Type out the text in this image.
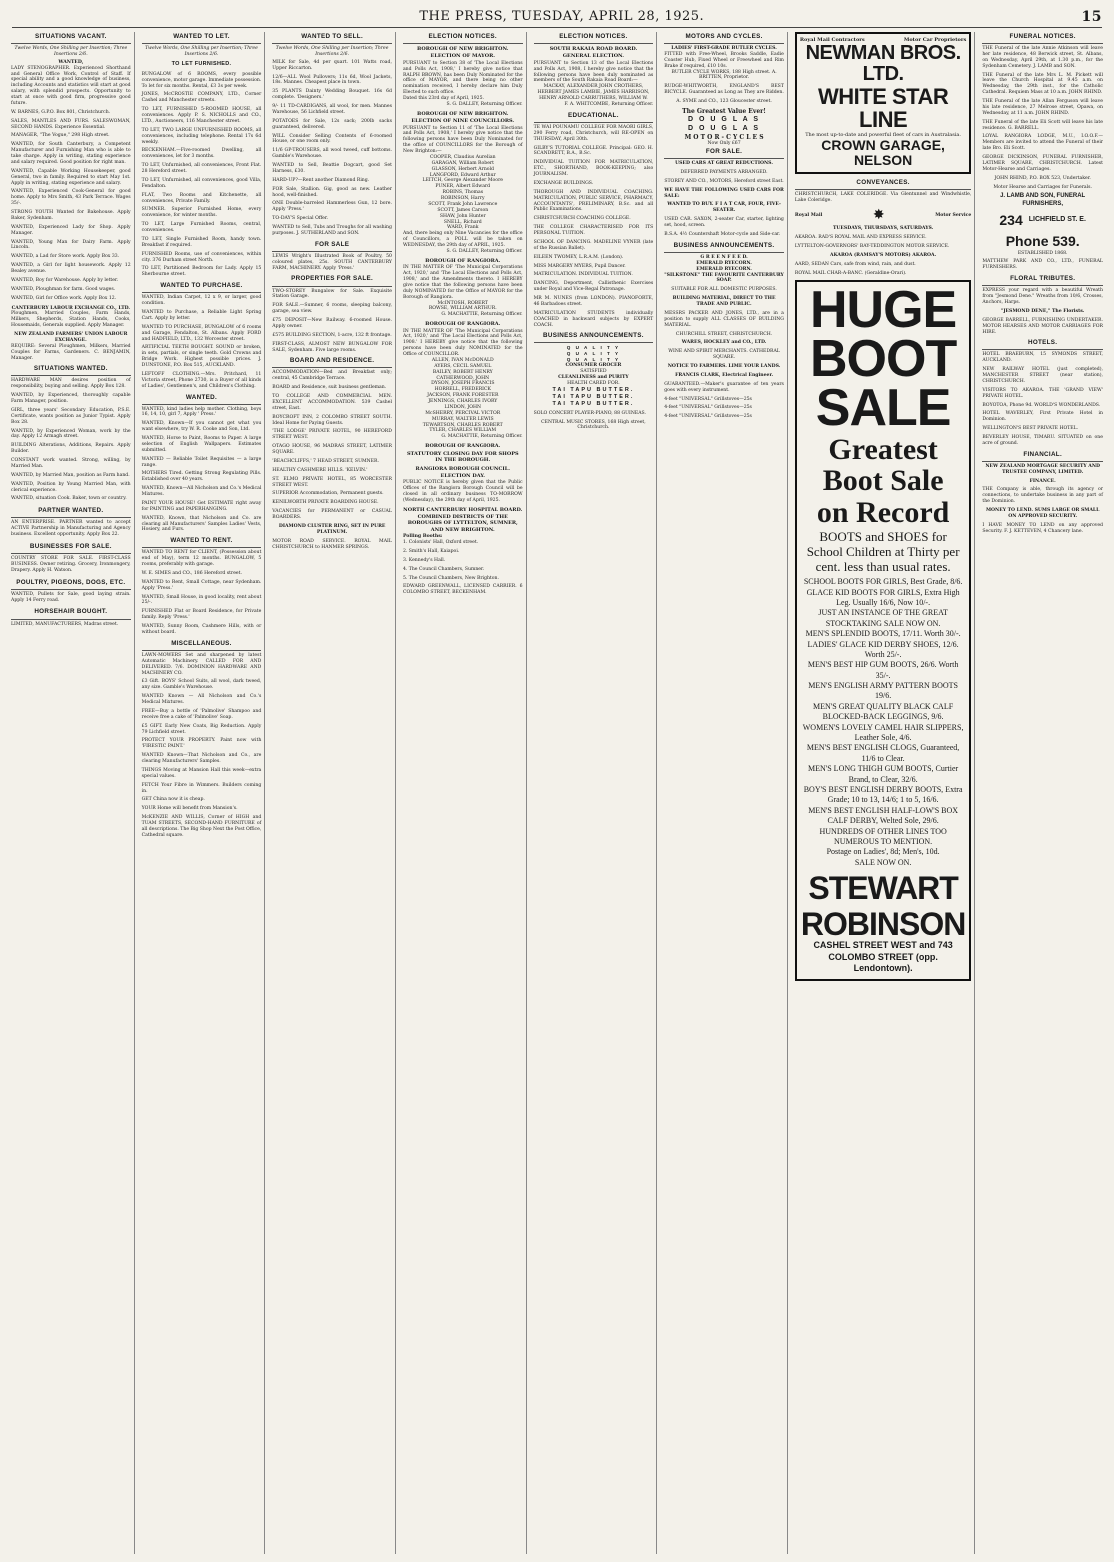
THE PRESS, TUESDAY, APRIL 28, 1925.	15
SITUATIONS VACANT.
Twelve Words, One Shilling per Insertion; Three Insertions 2/6.
WANTED,
LADY STENOGRAPHER. Experienced Shorthand and General Office Work, Control of Staff. If special ability and a good knowledge of business, including Accounts and statistics will start at good salary, with splendid prospects. Opportunity to start at once with good firm, progressive good future.
W. BARNES, G.P.O. Box 801, Christchurch.
SALES, MANTLES AND FURS. SALESWOMAN, SECOND HANDS. Experience Essential.
MANAGER, "The Vogue," 298 High street.
WANTED, for South Canterbury, a Competent Manufacturer and Furnishing Man who is able to take charge. Apply in writing, stating experience and salary required. Good position for right man.
WANTED, Capable Working Housekeeper, good General, two in family. Required to start May 1st. Apply in writing, stating experience and salary.
WANTED, Experienced Cook-General for good home. Apply to Mrs Smith, 43 Park Terrace. Wages 35/-.
STRONG YOUTH Wanted for Bakehouse. Apply Baker, Sydenham.
WANTED, Experienced Lady for Shop. Apply Manager.
WANTED, Young Man for Dairy Farm. Apply Lincoln.
WANTED, a Lad for Store work. Apply Box 33.
WANTED, a Girl for light housework. Apply 12 Bealey avenue.
WANTED, Boy for Warehouse. Apply by letter.
WANTED, Ploughman for farm. Good wages.
WANTED, Girl for Office work. Apply Box 12.
CANTERBURY LABOUR EXCHANGE CO., LTD.
Ploughmen, Married Couples, Farm Hands, Milkers, Shepherds, Station Hands, Cooks, Housemaids, Generals supplied. Apply Manager.
NEW ZEALAND FARMERS' UNION LABOUR EXCHANGE.
REQUIRE: Several Ploughmen, Milkers, Married Couples for Farms, Gardeners. C. BENJAMIN, Manager.
SITUATIONS WANTED.
HARDWARE MAN desires position of responsibility, buying and selling. Apply Box 128.
WANTED, by Experienced, thoroughly capable Farm Manager, position.
GIRL, three years' Secondary Education, P.S.E. Certificate, wants position as Junior Typist. Apply Box 28.
WANTED, by Experienced Woman, work by the day. Apply 12 Armagh street.
BUILDING Alterations, Additions, Repairs. Apply Builder.
CONSTANT work wanted. Strong, willing, by Married Man.
WANTED, by Married Man, position as Farm hand.
WANTED, Position by Young Married Man, with clerical experience.
WANTED, situation Cook. Baker, town or country.
PARTNER WANTED.
AN ENTERPRISE. PARTNER wanted to accept ACTIVE Partnership in Manufacturing and Agency business. Excellent opportunity. Apply Box 22.
BUSINESSES FOR SALE.
COUNTRY STORE FOR SALE. FIRST-CLASS BUSINESS. Owner retiring. Grocery, Ironmongery, Drapery. Apply H. Watson.
POULTRY, PIGEONS, DOGS, ETC.
WANTED, Pullets for Sale, good laying strain. Apply 14 Ferry road.
HORSEHAIR BOUGHT.
LIMITED, MANUFACTURERS, Madras street.
WANTED TO LET.
Twelve Words, One Shilling per Insertion; Three Insertions 2/6.
TO LET FURNISHED.
BUNGALOW of 6 ROOMS, every possible convenience, motor garage. Immediate possession. To let for six months. Rental, £3 3s per week.
JONES, McCROSTIE COMPANY, LTD., Corner Cashel and Manchester streets.
TO LET, FURNISHED 5-ROOMED HOUSE, all conveniences. Apply P. S. NICHOLLS and CO., LTD., Auctioneers, 116 Manchester street.
TO LET, TWO LARGE UNFURNISHED ROOMS, all conveniences, including telephone. Rental 17s 6d weekly.
BECKENHAM.—Five-roomed Dwelling, all conveniences, let for 3 months.
TO LET, Unfurnished, all conveniences, Front Flat. 28 Hereford street.
TO LET, Unfurnished, all conveniences, good Villa, Fendalton.
FLAT, Two Rooms and Kitchenette, all conveniences, Private Family.
SUMNER. Superior Furnished Home, every convenience, for winter months.
TO LET, Large Furnished Rooms, central, conveniences.
TO LET, Single Furnished Room, handy town. Breakfast if required.
FURNISHED Rooms, use of conveniences, within city. 376 Durham street North.
TO LET, Partitioned Bedroom for Lady. Apply 15 Sherbourne street.
WANTED TO PURCHASE.
WANTED, Indian Carpet, 12 x 9, or larger, good condition.
WANTED to Purchase, a Reliable Light Spring Cart. Apply by letter.
WANTED TO PURCHASE, BUNGALOW of 6 rooms and Garage, Fendalton, St. Albans. Apply FORD and HADFIELD, LTD., 132 Worcester street.
ARTIFICIAL TEETH BOUGHT. SOUND or broken, in sets, partials, or single teeth. Gold Crowns and Bridge Work. Highest possible prices. J. DUNSTONE, P.O. Box 515, AUCKLAND.
LEFTOFF CLOTHING.—Mrs. Pritchard, 11 Victoria street, Phone 2730, is a Buyer of all kinds of Ladies', Gentlemen's, and Children's Clothing.
WANTED.
WANTED, kind ladies help mother. Clothing, boys 16, 14, 10, girl 7, Apply ' Press.'
WANTED, Known—If you cannot get what you want elsewhere, try W. R. Cooke and Son, Ltd.
WANTED, Horse to Paint, Rooms to Paper. A large selection of English Wallpapers. Estimates submitted.
WANTED — Reliable Toilet Requisites — a large range.
MOTHERS Tired. Getting Strong Regulating Pills. Established over 40 years.
WANTED, Known—All Nicholson and Co.'s Medical Mixtures.
PAINT YOUR HOUSE! Get ESTIMATE right away for PAINTING and PAPERHANGING.
WANTED, Known, that Nicholson and Co. are clearing all Manufacturers' Samples Ladies' Vests, Hosiery, and Furs.
WANTED TO RENT.
WANTED TO RENT for CLIENT, (Possession about end of May), term 12 months. BUNGALOW, 5 rooms, preferably with garage.
W. E. SIMES and CO., 186 Hereford street.
WANTED to Rent, Small Cottage, near Sydenham. Apply 'Press.'
WANTED, Small House, in good locality, rent about 25/-.
FURNISHED Flat or Board Residence, for Private family. Reply 'Press.'
WANTED, Sunny Room, Cashmere Hills, with or without board.
MISCELLANEOUS.
LAWN-MOWERS Set and sharpened by latest Automatic Machinery. CALLED FOR AND DELIVERED. 7/6. DOMINION HARDWARE AND MACHINERY CO.
£3 Gift. BOYS' School Suits, all wool, dark tweed, any size. Gamble's Warehouse.
WANTED Known — All Nicholson and Co.'s Medical Mixtures.
FREE—Buy a bottle of 'Palmolive' Shampoo and receive free a cake of 'Palmolive' Soap.
£5 GIFT. Early New Coats, Big Reduction. Apply 79 Lichfield street.
PROTECT YOUR PROPERTY. Paint now with 'FIRESTIC PAINT.'
WANTED Known—That Nicholson and Co., are clearing Manufacturers' Samples.
THINGS Moving at Mansion Hall this week—extra special values.
FETCH Your Fibre in Wimmers. Builders coming in.
GET China now it is cheap.
YOUR Home will benefit from Mansion's.
McKENZIE AND WILLIS, Corner of HIGH and TUAM STREETS, SECOND-HAND FURNITURE of all descriptions. The Big Shop Next the Post Office, Cathedral square.
WANTED TO SELL.
Twelve Words, One Shilling per Insertion; Three Insertions 2/6.
MILK for Sale, 4d per quart. 101 Watts road, Upper Riccarton.
12/6—ALL Wool Pullovers; 11s 6d, Wool Jackets, 18s. Mannes. Cheapest place in town.
35 PLANTS Dainty Wedding Bouquet. 16s 6d complete. 'Designers.'
9/- 11 TD-CARDIGANS, all wool, for men. Mannes Warehouse, 56 Lichfield street.
POTATOES for Sale, 12s sack; 200lb sacks guaranteed, delivered.
WILL Consider Selling Contents of 6-roomed House, or one room only.
11/6 GP-TROUSERS, all wool tweed, cuff bottoms. Gamble's Warehouse.
WANTED to Sell, Beattie Dogcart, good Set Harness, £30.
HARD-UP?—Rent another Diamond Ring.
FOR Sale, Stallion. Gig, good as new. Leather hood, well-finished.
ONE Double-barreled Hammerless Gun, 12 bore. Apply 'Press.'
TO-DAY'S Special Offer.
WANTED to Sell, Tubs and Troughs for all washing purposes. J. SUTHERLAND and SON.
FOR SALE
LEWIS Wright's Illustrated Book of Poultry, 50 coloured plates, 25s. SOUTH CANTERBURY FARM, MACHINERY. Apply 'Press.'
PROPERTIES FOR SALE.
TWO-STOREY Bungalow for Sale. Exquisite Station Garage.
FOR SALE.—Sumner, 6 rooms, sleeping balcony, garage, sea view.
£75 DEPOSIT—New Railway. 6-roomed House. Apply owner.
£575 BUILDING SECTION, 1-acre, 132 ft frontage.
FIRST-CLASS, ALMOST NEW BUNGALOW FOR SALE, Sydenham. Five large rooms.
BOARD AND RESIDENCE.
ACCOMMODATION—Bed and Breakfast only; central, 45 Cambridge Terrace.
BOARD and Residence, suit business gentleman.
TO COLLEGE AND COMMERCIAL MEN. EXCELLENT ACCOMMODATION. 539 Cashel street, East.
BOYCROFT INN, 2 COLOMBO STREET SOUTH. Ideal Home for Paying Guests.
'THE LODGE' PRIVATE HOTEL, 90 HEREFORD STREET WEST.
OTAGO HOUSE, 96 MADRAS STREET, LATIMER SQUARE.
'BEACHCLIFFS,' 7 HEAD STREET, SUMNER.
HEALTHY CASHMERE HILLS. 'KELVIN.'
ST. ELMO PRIVATE HOTEL, 85 WORCESTER STREET WEST.
SUPERIOR Accommodation, Permanent guests.
KENILWORTH PRIVATE BOARDING HOUSE.
VACANCIES for PERMANENT or CASUAL BOARDERS.
DIAMOND CLUSTER RING, SET IN PURE PLATINUM.
MOTOR ROAD SERVICE. ROYAL MAIL CHRISTCHURCH to HANMER SPRINGS.
ELECTION NOTICES.
BOROUGH OF NEW BRIGHTON.
ELECTION OF MAYOR.
PURSUANT to Section 38 of 'The Local Elections and Polls Act, 1908,' I hereby give notice that RALPH BROWN, has been Duly Nominated for the office of MAYOR, and there being no other nomination received, I hereby declare him Duly Elected to such office.
Dated this 23rd day of April, 1925.
S. G. DALLEY, Returning Officer.
BOROUGH OF NEW BRIGHTON.
ELECTION OF NINE COUNCILLORS.
PURSUANT to Section 11 of 'The Local Elections and Polls Act, 1908,' I hereby give notice that the following persons have been Duly Nominated for the office of COUNCILLORS for the Borough of New Brighton:—
COOPER, Claudius Aurelian
GARAGAN, William Robert
GLASSON, Herbert Arnold
LANGFORD, Edward Arthur
LEITCH, George Alexander Moore
PUNER, Albert Edward
ROBINS, Thomas
ROBINSON, Harry
SCOTT, Frank John Lawrence
SCOTT, James Carson
SHAW, John Hunter
SNELL, Richard
WARD, Frank
And, there being only Nine Vacancies for the office of Councillors, a POLL will be taken on WEDNESDAY, the 29th day of APRIL, 1925.
S. G. DALLEY, Returning Officer.
BOROUGH OF RANGIORA.
IN THE MATTER OF 'The Municipal Corporations Act, 1920,' and 'The Local Elections and Polls Act, 1908,' and the Amendments thereto. I HEREBY give notice that the following persons have been duly NOMINATED for the Office of MAYOR for the Borough of Rangiora.
McINTOSH, ROBERT
ROWSE, WILLIAM ARTHUR.
G. MACHATTIE, Returning Officer.
BOROUGH OF RANGIORA.
IN THE MATTER OF 'The Municipal Corporations Act, 1920,' and 'The Local Elections and Polls Act, 1908.' I HEREBY give notice that the following persons have been duly NOMINATED for the Office of COUNCILLOR.
ALLEN, IVAN McDONALD
AYERS, CECIL SAMUEL
BAILEY, ROBERT HENRY
CATHERWOOD, JOHN
DYSON, JOSEPH FRANCIS
HORRELL, FREDERICK
JACKSON, FRANK FORESTER
JENNINGS, CHARLES IVORY
LINDON, JOHN
McSHERRY, PERCIVAL VICTOR
MURRAY, WALTER LEWIS
TEWARTSON, CHARLES ROBERT
TYLER, CHARLES WILLIAM
G. MACHATTIE, Returning Officer.
BOROUGH OF RANGIORA.
STATUTORY CLOSING DAY FOR SHOPS IN THE BOROUGH.
RANGIORA BOROUGH COUNCIL. ELECTION DAY.
PUBLIC NOTICE is hereby given that the Public Offices of the Rangiora Borough Council will be closed in all ordinary business TO-MORROW (Wednesday), the 29th day of April, 1925.
NORTH CANTERBURY HOSPITAL BOARD.
COMBINED DISTRICTS OF THE BOROUGHS OF LYTTELTON, SUMNER, AND NEW BRIGHTON.
Polling Booths:
1. Colonists' Hall, Oxford street.
2. Smith's Hall, Kaiapoi.
3. Kennedy's Hall.
4. The Council Chambers, Sumner.
5. The Council Chambers, New Brighton.
EDWARD GREENWALL, LICENSED CARRIER. 6 COLOMBO STREET, BECKENHAM.
ELECTION NOTICES.
SOUTH RAKAIA ROAD BOARD.
GENERAL ELECTION.
PURSUANT to Section 13 of the Local Elections and Polls Act, 1908, I hereby give notice that the following persons have been duly nominated as members of the South Rakaia Road Board:—
MACKAY, ALEXANDER JOHN CROTHERS, HERBERT JAMES LAMBIE, JAMES HARRISON, HENRY ARNOLD CARRUTHERS, WILLIAM W.
F. A. WHITCOMBE, Returning Officer.
EDUCATIONAL.
TE WAI POUNAMU COLLEGE FOR MAORI GIRLS, 290 Ferry road, Christchurch, will RE-OPEN on THURSDAY, April 30th.
GILBY'S TUTORIAL COLLEGE. Principal: GEO. H. SCANDRETT, B.A., B.Sc.
INDIVIDUAL TUITION FOR MATRICULATION, ETC., SHORTHAND, BOOK-KEEPING; also JOURNALISM.
EXCHANGE BUILDINGS.
THOROUGH AND INDIVIDUAL COACHING. MATRICULATION, PUBLIC SERVICE, PHARMACY, ACCOUNTANTS', PRELIMINARY, B.Sc. and all Public Examinations.
CHRISTCHURCH COACHING COLLEGE.
THE COLLEGE CHARACTERISED FOR ITS PERSONAL TUITION.
SCHOOL OF DANCING. MADELINE VYNER (late of the Russian Ballet).
EILEEN TWOMEY, L.R.A.M. (London).
MISS MARGERY MYERS, Pupil Dancer.
MATRICULATION. INDIVIDUAL TUITION.
DANCING, Deportment, Callisthenic Exercises under Royal and Vice-Regal Patronage.
MR M. NUNES (from LONDON). PIANOFORTE, 46 Barbadoes street.
MATRICULATION STUDENTS individually COACHED in backward subjects by EXPERT COACH.
BUSINESS ANNOUNCEMENTS.
Q U A L I T Y
Q U A L I T Y
Q U A L I T Y
CONSUMER GROCER
SATISFIED
CLEANLINESS and PURITY
HEALTH CARED FOR.
TAI TAPU BUTTER.
TAI TAPU BUTTER.
TAI TAPU BUTTER.
SOLO CONCERT PLAYER-PIANO, 88 GUINEAS.
CENTRAL MUSIC STORES, 168 High street, Christchurch.
MOTORS AND CYCLES.
LADIES' FIRST-GRADE BUTLER CYCLES.
FITTED with Free-Wheel, Brooks Saddle, Eadie Coaster Hub, Fixed Wheel or Freewheel and Rim Brake if required, £10 10s.
BUTLER CYCLE WORKS, 188 High street. A. BRITTEN, Proprietor.
RUDGE-WHITWORTH, ENGLAND'S BEST BICYCLE. Guaranteed as Long as They are Ridden.
A. SYME and CO., 123 Gloucester street.
The Greatest Value Ever!
D O U G L A S
D O U G L A S
M O T O R - C Y C L E S
Now Only £67
FOR SALE.
USED CARS AT GREAT REDUCTIONS.
DEFERRED PAYMENTS ARRANGED.
STOREY AND CO., MOTORS, Hereford street East.
WE HAVE THE FOLLOWING USED CARS FOR SALE:
WANTED TO BUY. F I A T CAR, FOUR, FIVE-SEATER.
USED CAR. SAXON, 2-seater Car, starter, lighting set, hood, screen.
B.S.A. 4½ Countershaft Motor-cycle and Side-car.
BUSINESS ANNOUNCEMENTS.
G R E E N F E E D.
EMERALD RYECORN.
EMERALD RYECORN.
"SILKSTONE" THE FAVOURITE CANTERBURY SOAP.
SUITABLE FOR ALL DOMESTIC PURPOSES.
BUILDING MATERIAL, DIRECT TO THE TRADE AND PUBLIC.
MESSRS PACKER AND JONES, LTD., are in a position to supply ALL CLASSES OF BUILDING MATERIAL.
CHURCHILL STREET, CHRISTCHURCH.
WARES, HOCKLEY and CO., LTD.
WINE AND SPIRIT MERCHANTS. CATHEDRAL SQUARE.
NOTICE TO FARMERS. LIME YOUR LANDS.
FRANCIS CLARK, Electrical Engineer.
GUARANTEED.—Maker's guarantee of ten years goes with every instrument.
4-feet "UNIVERSAL" Grillstoves—25s
4-feet "UNIVERSAL" Grillstoves—25s
4-feet "UNIVERSAL" Grillstoves—25s
Royal Mail Contractors	Motor Car Proprietors
NEWMAN BROS. LTD.
WHITE STAR LINE
The most up-to-date and powerful fleet of cars in Australasia.
CROWN GARAGE, NELSON
CONVEYANCES.
CHRISTCHURCH, LAKE COLERIDGE. Via Glentunnel and Windwhistle, Lake Coleridge.
Royal Mail	✸	Motor Service
TUESDAYS, THURSDAYS, SATURDAYS.
AKAROA. RAD'S ROYAL MAIL AND EXPRESS SERVICE.
LYTTELTON-GOVERNORS' BAY-TEDDINGTON MOTOR SERVICE.
AKAROA (RAMSAY'S MOTORS) AKAROA.
AARD, SEDAN Cars, safe from wind, rain, and dust.
ROYAL MAIL CHAR-A-BANC. (Geraldine-Orari).
HUGE
BOOT
SALE
Greatest
Boot Sale
on Record
BOOTS and SHOES for School Children at Thirty per cent. less than usual rates.
SCHOOL BOOTS FOR GIRLS, Best Grade, 8/6.
GLACE KID BOOTS FOR GIRLS, Extra High Leg. Usually 16/6, Now 10/-.
JUST AN INSTANCE OF THE GREAT STOCKTAKING SALE NOW ON.
MEN'S SPLENDID BOOTS, 17/11. Worth 30/-.
LADIES' GLACE KID DERBY SHOES, 12/6. Worth 25/-.
MEN'S BEST HIP GUM BOOTS, 26/6. Worth 35/-.
MEN'S ENGLISH ARMY PATTERN BOOTS 19/6.
MEN'S GREAT QUALITY BLACK CALF BLOCKED-BACK LEGGINGS, 9/6.
WOMEN'S LOVELY CAMEL HAIR SLIPPERS, Leather Sole, 4/6.
MEN'S BEST ENGLISH CLOGS, Guaranteed, 11/6 to Clear.
MEN'S LONG THIGH GUM BOOTS, Curtier Brand, to Clear, 32/6.
BOY'S BEST ENGLISH DERBY BOOTS, Extra Grade; 10 to 13, 14/6; 1 to 5, 16/6.
MEN'S BEST ENGLISH HALF-LOW'S BOX CALF DERBY, Welted Sole, 29/6.
HUNDREDS OF OTHER LINES TOO NUMEROUS TO MENTION.
Postage on Ladies', 8d; Men's, 10d.
SALE NOW ON.
STEWART
ROBINSON
CASHEL STREET WEST and 743 COLOMBO STREET (opp. Lendontown).
FUNERAL NOTICES.
THE Funeral of the late Annie Atkinson will leave her late residence, 48 Berwick street, St. Albans, on Wednesday, April 29th, at 1.30 p.m., for the Sydenham Cemetery. J. LAMB and SON.
THE Funeral of the late Mrs L. M. Pickett will leave the Church Hospital at 9.45 a.m. on Wednesday, the 29th inst., for the Catholic Cathedral. Requiem Mass at 10 a.m. JOHN RHIND.
THE Funeral of the late Allan Ferguson will leave his late residence, 27 Melrose street, Opawa, on Wednesday, at 11 a.m. JOHN RHIND.
THE Funeral of the late Eli Scott will leave his late residence. G. BARRELL.
LOYAL RANGIORA LODGE, M.U., I.O.O.F.—Members are invited to attend the Funeral of their late Bro. Eli Scott.
GEORGE DICKINSON, FUNERAL FURNISHER, LATIMER SQUARE, CHRISTCHURCH. Latest Motor-Hearse and Carriages.
JOHN RHIND, P.O. BOX 523, Undertaker.
Motor Hearse and Carriages for Funerals.
J. LAMB AND SON, FUNERAL FURNISHERS,
234 LICHFIELD ST. E.
Phone 539.
ESTABLISHED 1868.
MATTHEW PARK AND CO., LTD., FUNERAL FURNISHERS.
FLORAL TRIBUTES.
EXPRESS your regard with a beautiful Wreath from "Jesmond Dene." Wreaths from 10/6, Crosses, Anchors, Harps.
"JESMOND DENE," The Florists.
GEORGE BARRELL, FURNISHING UNDERTAKER. MOTOR HEARSES AND MOTOR CARRIAGES FOR HIRE.
HOTELS.
HOTEL BRAEBURN, 15 SYMONDS STREET, AUCKLAND.
NEW RAILWAY HOTEL (just completed), MANCHESTER STREET (near station), CHRISTCHURCH.
VISITORS TO AKAROA. THE 'GRAND VIEW' PRIVATE HOTEL.
BOYOTOA, Phone 9d. WORLD'S WONDERLANDS.
HOTEL WAVERLEY, First Private Hotel in Dominion.
WELLINGTON'S BEST PRIVATE HOTEL.
BEVERLEY HOUSE, TIMARU. SITUATED on one acre of ground.
FINANCIAL.
NEW ZEALAND MORTGAGE SECURITY AND TRUSTEE COMPANY, LIMITED.
FINANCE.
THE Company is able, through its agency or connections, to undertake business in any part of the Dominion.
MONEY TO LEND. SUMS LARGE OR SMALL ON APPROVED SECURITY.
I HAVE MONEY TO LEND on any approved Security. F. J. KETTEVEN, 4 Chancery lane.
